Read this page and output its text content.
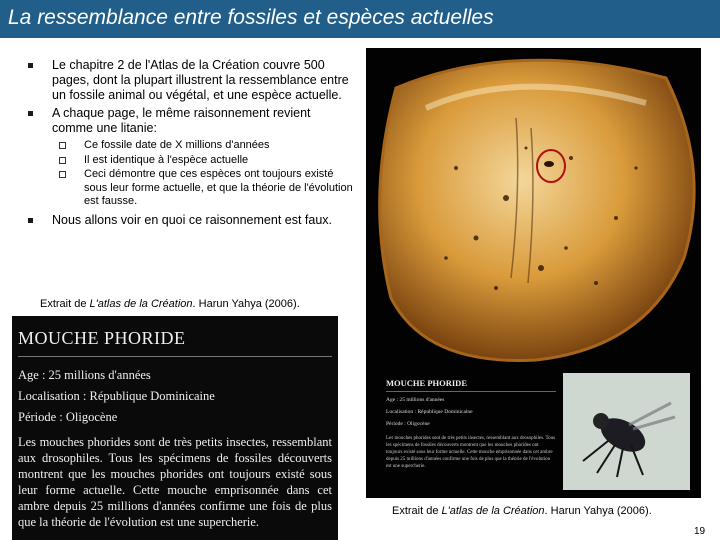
La ressemblance entre fossiles et espèces actuelles
Le chapitre 2 de l'Atlas de la Création couvre 500 pages, dont la plupart illustrent la ressemblance entre un fossile animal ou végétal, et une espèce actuelle.
A chaque page, le même raisonnement revient comme une litanie:
Ce fossile date de X millions d'années
Il est identique à l'espèce actuelle
Ceci démontre que ces espèces ont toujours existé sous leur forme actuelle, et que la théorie de l'évolution est fausse.
Nous allons voir en quoi ce raisonnement est faux.
Extrait de L'atlas de la Création. Harun Yahya (2006).
MOUCHE PHORIDE
Age : 25 millions d'années
Localisation : République Dominicaine
Période : Oligocène
Les mouches phorides sont de très petits insectes, ressemblant aux drosophiles. Tous les spécimens de fossiles découverts montrent que les mouches phorides ont toujours existé sous leur forme actuelle. Cette mouche emprisonnée dans cet ambre depuis 25 millions d'années confirme une fois de plus que la théorie de l'évolution est une supercherie.
MOUCHE PHORIDE
Age : 25 millions d'années
Localisation : République Dominicaine
Période : Oligocène
Les mouches phorides sont de très petits insectes, ressemblant aux drosophiles. Tous les spécimens de fossiles découverts montrent que les mouches phorides ont toujours existé sous leur forme actuelle. Cette mouche emprisonnée dans cet ambre depuis 25 millions d'années confirme une fois de plus que la théorie de l'évolution est une supercherie.
Extrait de L'atlas de la Création. Harun Yahya (2006).
19
